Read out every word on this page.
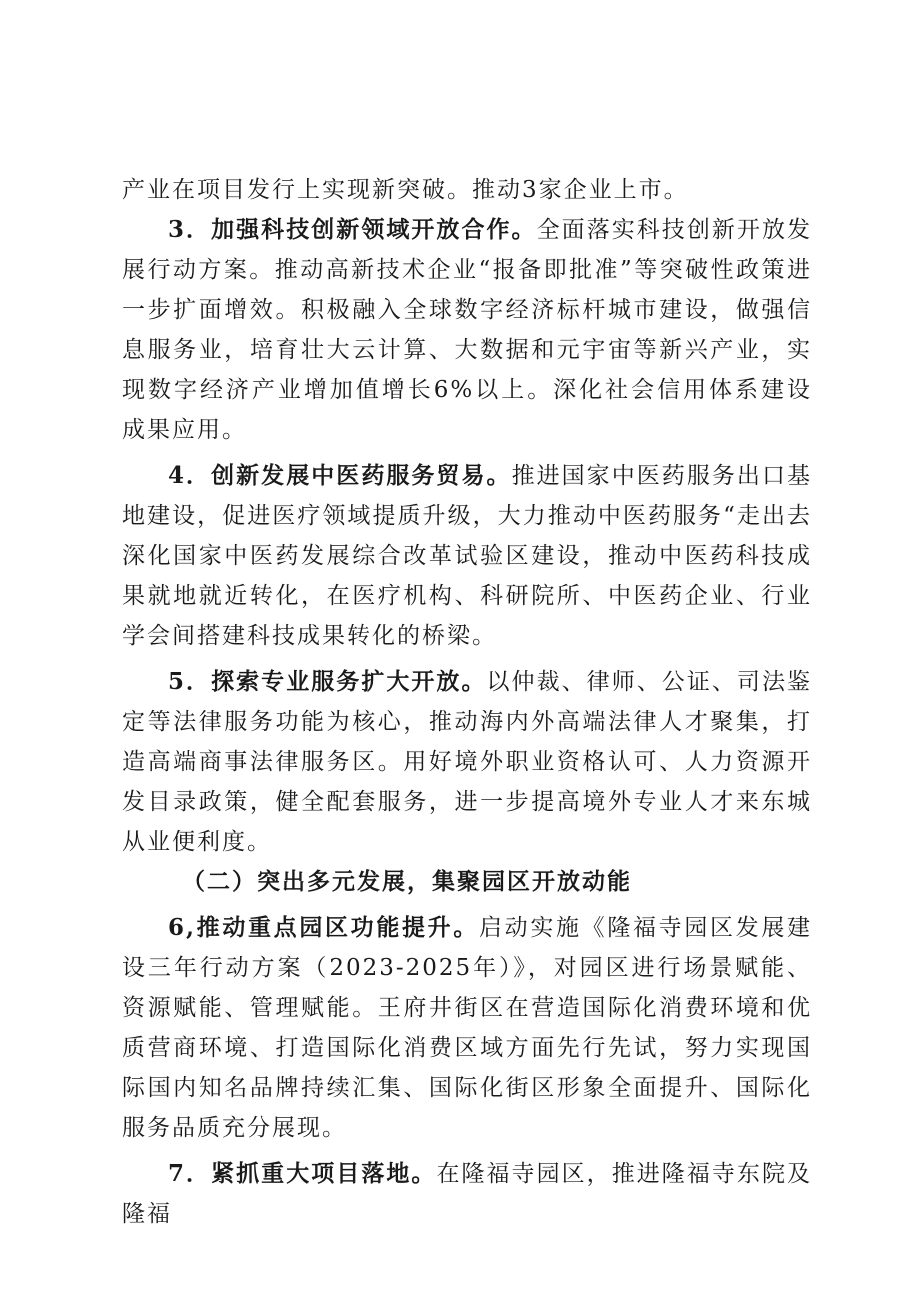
产业在项目发行上实现新突破。推动3家企业上市。

3．加强科技创新领域开放合作。全面落实科技创新开放发展行动方案。推动高新技术企业“报备即批准”等突破性政策进一步扩面增效。积极融入全球数字经济标杆城市建设，做强信息服务业，培育壮大云计算、大数据和元宇宙等新兴产业，实现数字经济产业增加值增长6%以上。深化社会信用体系建设成果应用。

4．创新发展中医药服务贸易。推进国家中医药服务出口基地建设，促进医疗领域提质升级，大力推动中医药服务“走出去深化国家中医药发展综合改革试验区建设，推动中医药科技成果就地就近转化，在医疗机构、科研院所、中医药企业、行业学会间搭建科技成果转化的桥梁。

5．探索专业服务扩大开放。以仲裁、律师、公证、司法鉴定等法律服务功能为核心，推动海内外高端法律人才聚集，打造高端商事法律服务区。用好境外职业资格认可、人力资源开发目录政策，健全配套服务，进一步提高境外专业人才来东城从业便利度。

（二）突出多元发展，集聚园区开放动能

6,推动重点园区功能提升。启动实施《隆福寺园区发展建设三年行动方案（2023-2025年）》，对园区进行场景赋能、资源赋能、管理赋能。王府井街区在营造国际化消费环境和优质营商环境、打造国际化消费区域方面先行先试，努力实现国际国内知名品牌持续汇集、国际化街区形象全面提升、国际化服务品质充分展现。

7．紧抓重大项目落地。在隆福寺园区，推进隆福寺东院及隆福
